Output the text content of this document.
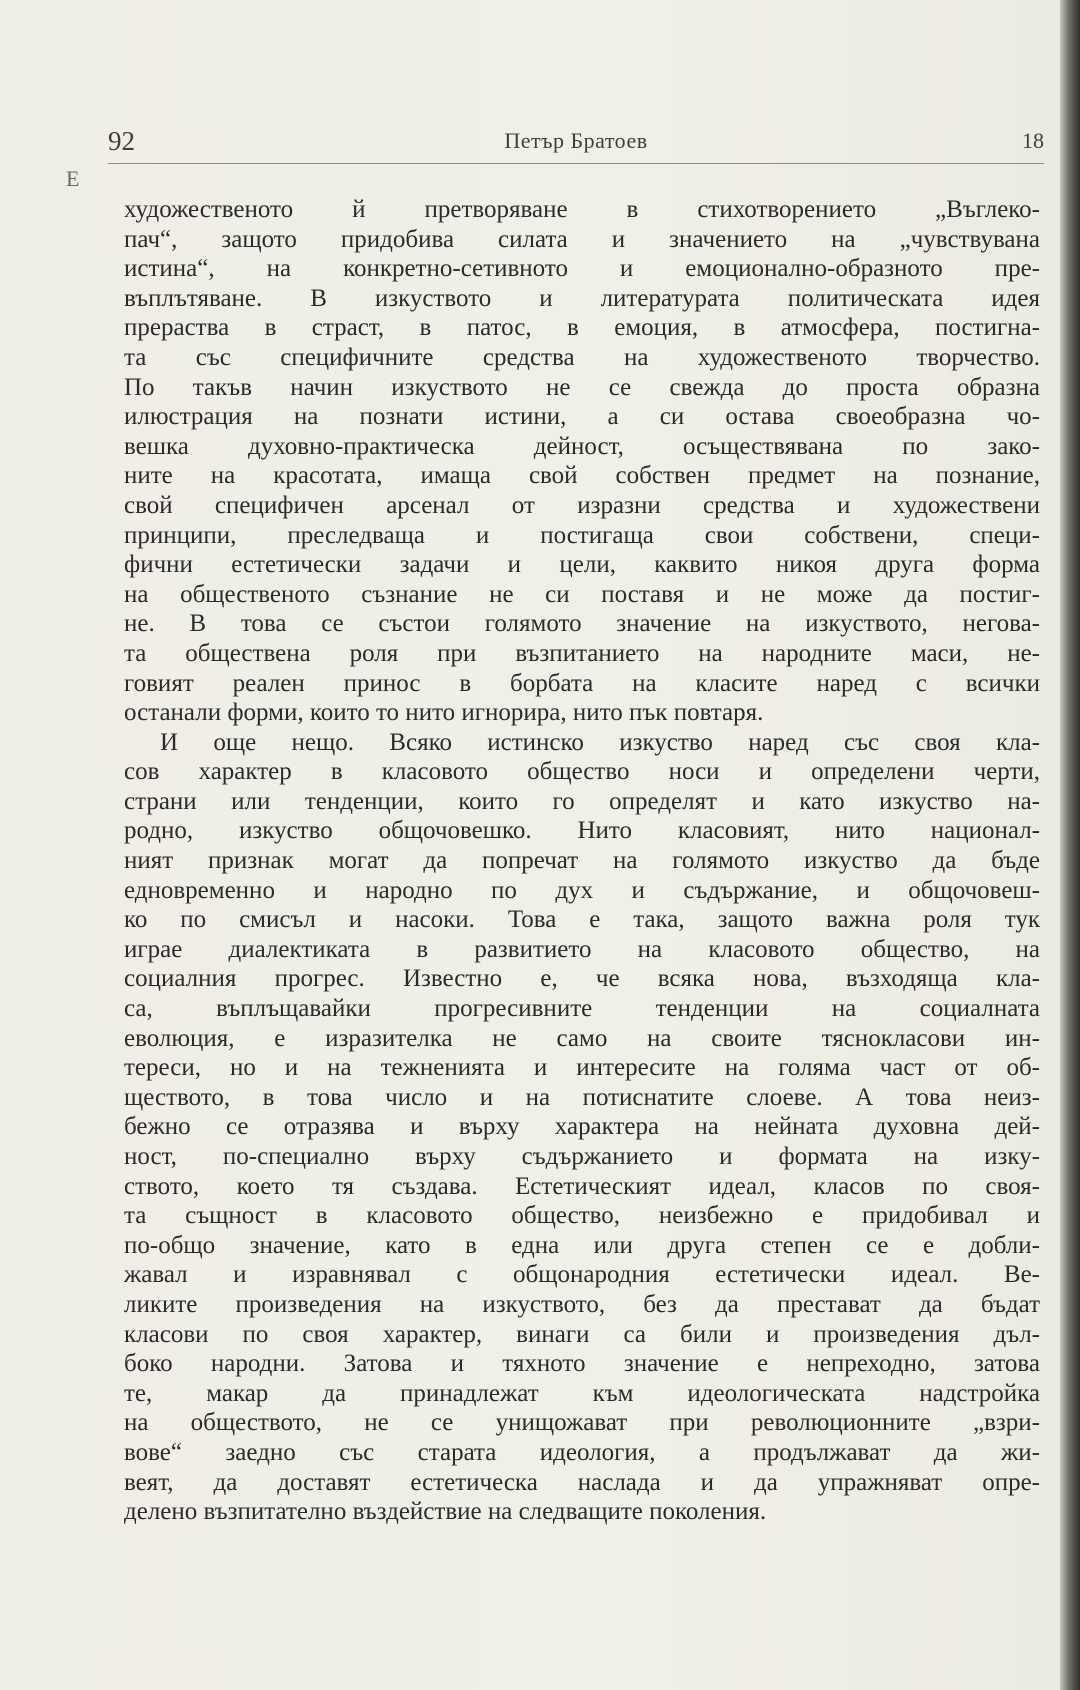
92	Петър Братоев	18
E
художественото й претворяване в стихотворението „Въглеко-
пач“, защото придобива силата и значението на „чувствувана
истина“, на конкретно-сетивното и емоционално-образното пре-
въплътяване. В изкуството и литературата политическата идея
прераства в страст, в патос, в емоция, в атмосфера, постигна-
та със специфичните средства на художественото творчество.
По такъв начин изкуството не се свежда до проста образна
илюстрация на познати истини, а си остава своеобразна чо-
вешка духовно-практическа дейност, осъществявана по зако-
ните на красотата, имаща свой собствен предмет на познание,
свой специфичен арсенал от изразни средства и художествени
принципи, преследваща и постигаща свои собствени, специ-
фични естетически задачи и цели, каквито никоя друга форма
на общественото съзнание не си поставя и не може да постиг-
не. В това се състои голямото значение на изкуството, негова-
та обществена роля при възпитанието на народните маси, не-
говият реален принос в борбата на класите наред с всички
останали форми, които то нито игнорира, нито пък повтаря.
И още нещо. Всяко истинско изкуство наред със своя кла-
сов характер в класовото общество носи и определени черти,
страни или тенденции, които го определят и като изкуство на-
родно, изкуство общочовешко. Нито класовият, нито национал-
ният признак могат да попречат на голямото изкуство да бъде
едновременно и народно по дух и съдържание, и общочовеш-
ко по смисъл и насоки. Това е така, защото важна роля тук
играе диалектиката в развитието на класовото общество, на
социалния прогрес. Известно е, че всяка нова, възходяща кла-
са, въплъщавайки прогресивните тенденции на социалната
еволюция, е изразителка не само на своите тяснокласови ин-
тереси, но и на тежненията и интересите на голяма част от об-
ществото, в това число и на потиснатите слоеве. А това неиз-
бежно се отразява и върху характера на нейната духовна дей-
ност, по-специално върху съдържанието и формата на изку-
ството, което тя създава. Естетическият идеал, класов по своя-
та същност в класовото общество, неизбежно е придобивал и
по-общо значение, като в една или друга степен се е добли-
жавал и изравнявал с общонародния естетически идеал. Ве-
ликите произведения на изкуството, без да престават да бъдат
класови по своя характер, винаги са били и произведения дъл-
боко народни. Затова и тяхното значение е непреходно, затова
те, макар да принадлежат към идеологическата надстройка
на обществото, не се унищожават при революционните „взри-
вове“ заедно със старата идеология, а продължават да жи-
веят, да доставят естетическа наслада и да упражняват опре-
делено възпитателно въздействие на следващите поколения.
